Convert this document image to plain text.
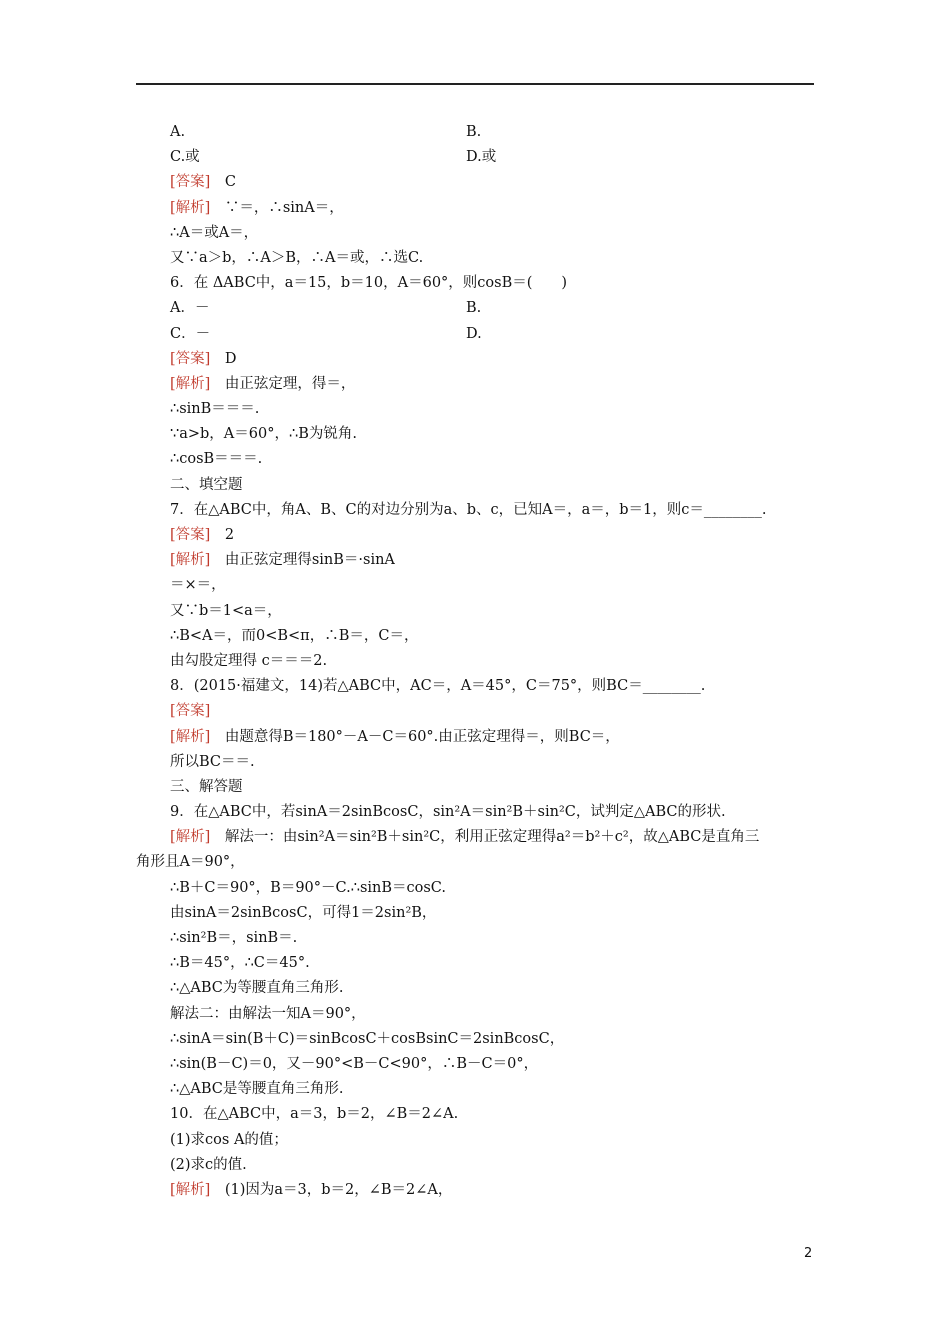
A.	B.
C.或	D.或
[答案]　C
[解析]　∵＝，∴sinA＝，
∴A＝或A＝，
又∵a＞b，∴A＞B，∴A＝或，∴选C.
6．在 ΔABC中，a＝15，b＝10，A＝60°，则cosB＝(　　)
A．－	B.
C．－	D.
[答案]　D
[解析]　由正弦定理，得＝，
∴sinB＝＝＝.
∵a>b，A＝60°，∴B为锐角.
∴cosB＝＝＝.
二、填空题
7．在△ABC中，角A、B、C的对边分别为a、b、c，已知A＝，a＝，b＝1，则c＝________.
[答案]　2
[解析]　由正弦定理得sinB＝·sinA
＝×＝，
又∵b＝1<a＝，
∴B<A＝，而0<B<π，∴B＝，C＝，
由勾股定理得 c＝＝＝2.
8．(2015·福建文，14)若△ABC中，AC＝，A＝45°，C＝75°，则BC＝________.
[答案]
[解析]　由题意得B＝180°－A－C＝60°.由正弦定理得＝，则BC＝，
所以BC＝＝.
三、解答题
9．在△ABC中，若sinA＝2sinBcosC，sin²A＝sin²B＋sin²C，试判定△ABC的形状.
[解析]　解法一：由sin²A＝sin²B＋sin²C，利用正弦定理得a²＝b²＋c²，故△ABC是直角三
角形且A＝90°，
∴B＋C＝90°，B＝90°－C.∴sinB＝cosC.
由sinA＝2sinBcosC，可得1＝2sin²B，
∴sin²B＝，sinB＝.
∴B＝45°，∴C＝45°.
∴△ABC为等腰直角三角形.
解法二：由解法一知A＝90°，
∴sinA＝sin(B＋C)＝sinBcosC＋cosBsinC＝2sinBcosC，
∴sin(B－C)＝0，又－90°<B－C<90°，∴B－C＝0°，
∴△ABC是等腰直角三角形.
10．在△ABC中，a＝3，b＝2，∠B＝2∠A.
(1)求cos A的值；
(2)求c的值.
[解析]　(1)因为a＝3，b＝2，∠B＝2∠A，
2
